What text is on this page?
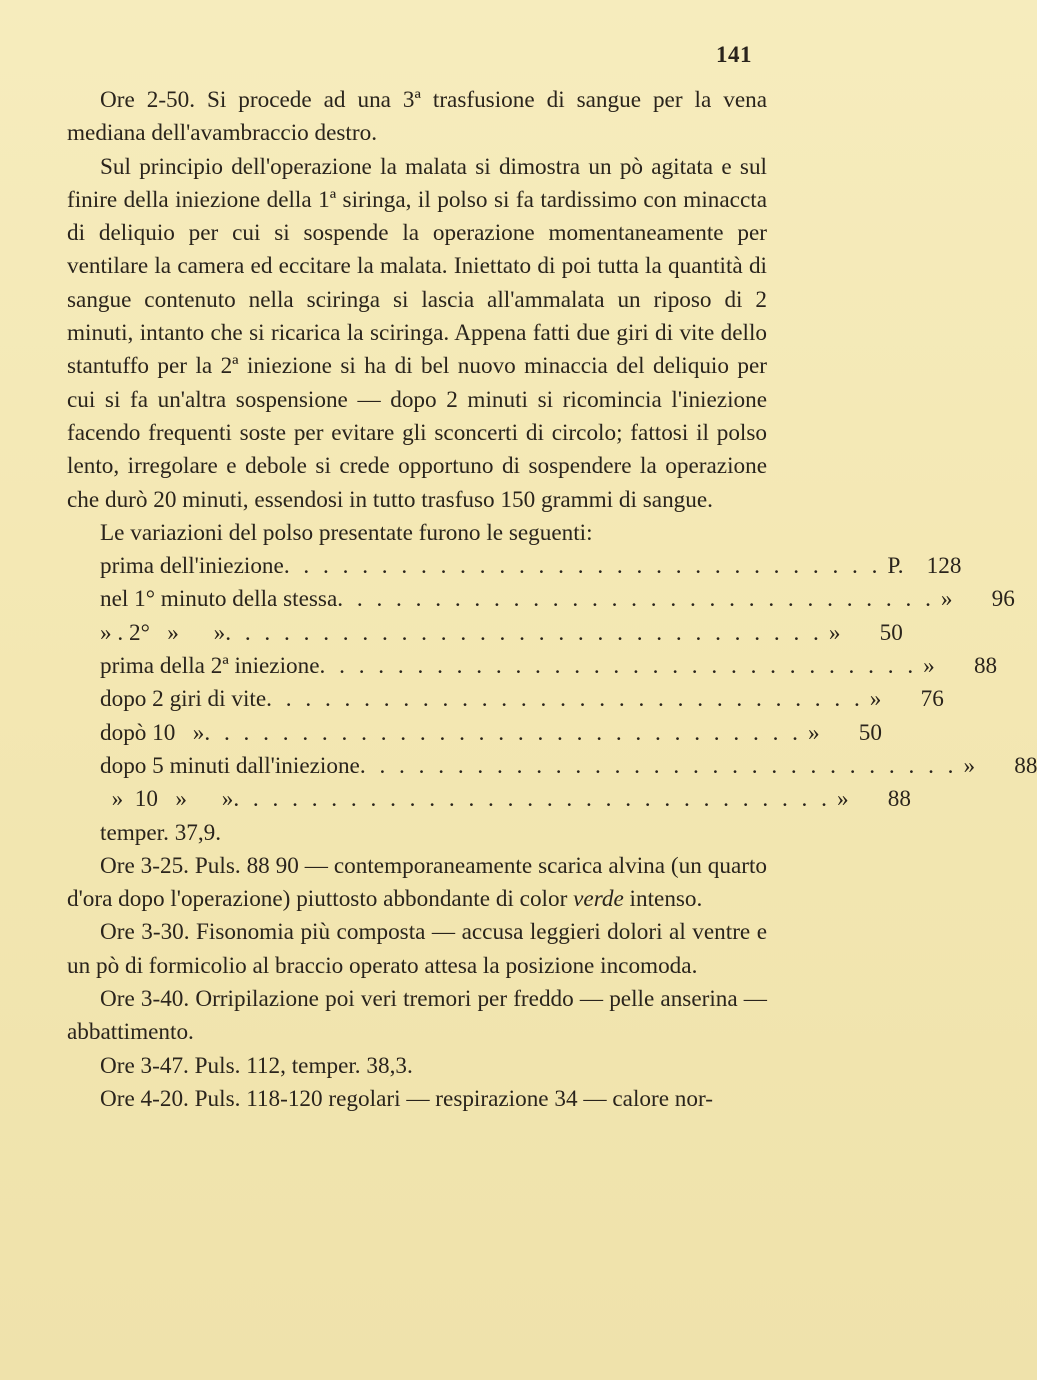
141

Ore 2-50. Si procede ad una 3ª trasfusione di sangue per la vena mediana dell'avambraccio destro.

Sul principio dell'operazione la malata si dimostra un pò agitata e sul finire della iniezione della 1ª siringa, il polso si fa tardissimo con minaccta di deliquio per cui si sospende la operazione momentaneamente per ventilare la camera ed eccitare la malata. Iniettato di poi tutta la quantità di sangue contenuto nella sciringa si lascia all'ammalata un riposo di 2 minuti, intanto che si ricarica la sciringa. Appena fatti due giri di vite dello stantuffo per la 2ª iniezione si ha di bel nuovo minaccia del deliquio per cui si fa un'altra sospensione — dopo 2 minuti si ricomincia l'iniezione facendo frequenti soste per evitare gli sconcerti di circolo; fattosi il polso lento, irregolare e debole si crede opportuno di sospendere la operazione che durò 20 minuti, essendosi in tutto trasfuso 150 grammi di sangue.

Le variazioni del polso presentate furono le seguenti:

prima dell'iniezione . . . . . . . . . . . . . . . . . . . . . . . . . . . . . . . P. 128
nel 1° minuto della stessa . . . . . . . . . . . . . . . . . . . . . . . . . . . . . . . »	96
» . 2°   »      » . . . . . . . . . . . . . . . . . . . . . . . . . . . . . . . »	50
prima della 2ª iniezione . . . . . . . . . . . . . . . . . . . . . . . . . . . . . . . »	88
dopo 2 giri di vite . . . . . . . . . . . . . . . . . . . . . . . . . . . . . . . »	76
dopò 10   » . . . . . . . . . . . . . . . . . . . . . . . . . . . . . . . »	50
dopo 5 minuti dall'iniezione . . . . . . . . . . . . . . . . . . . . . . . . . . . . . . . »	88
»  10   »      » . . . . . . . . . . . . . . . . . . . . . . . . . . . . . . . »	88
temper. 37,9.

Ore 3-25. Puls. 88 90 — contemporaneamente scarica alvina (un quarto d'ora dopo l'operazione) piuttosto abbondante di color verde intenso.

Ore 3-30. Fisonomia più composta — accusa leggieri dolori al ventre e un pò di formicolio al braccio operato attesa la posizione incomoda.

Ore 3-40. Orripilazione poi veri tremori per freddo — pelle anserina — abbattimento.

Ore 3-47. Puls. 112, temper. 38,3.

Ore 4-20. Puls. 118-120 regolari — respirazione 34 — calore nor-
